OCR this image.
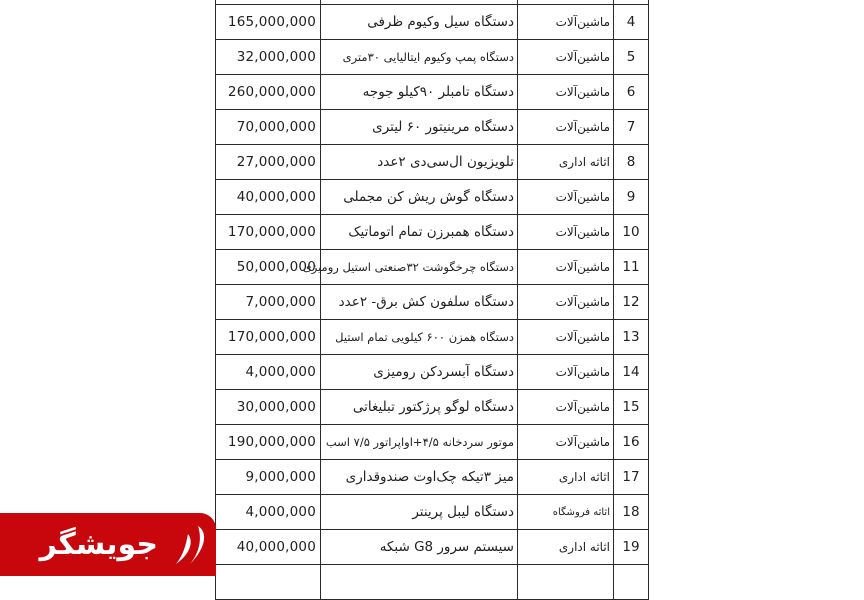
165,000,000	دستگاه سیل وکیوم ظرفی	ماشین‌آلات	4
32,000,000	دستگاه پمپ وکیوم ایتالیایی ۳۰متری	ماشین‌آلات	5
260,000,000	دستگاه تامبلر ۹۰کیلو جوجه	ماشین‌آلات	6
70,000,000	دستگاه مرینیتور ۶۰ لیتری	ماشین‌آلات	7
27,000,000	تلویزیون ال‌سی‌دی ۲عدد	اثاثه اداری	8
40,000,000	دستگاه گوش ریش کن مجملی	ماشین‌آلات	9
170,000,000	دستگاه همبرزن تمام اتوماتیک	ماشین‌آلات	10
50,000,000	دستگاه چرخگوشت ۳۲صنعتی استیل رومیزی	ماشین‌آلات	11
7,000,000	دستگاه سلفون کش برق- ۲عدد	ماشین‌آلات	12
170,000,000	دستگاه همزن ۶۰۰ کیلویی تمام استیل	ماشین‌آلات	13
4,000,000	دستگاه آبسردکن رومیزی	ماشین‌آلات	14
30,000,000	دستگاه لوگو پرژکتور تبلیغاتی	ماشین‌آلات	15
190,000,000	موتور سردخانه ۴/۵+اواپراتور ۷/۵ اسب	ماشین‌آلات	16
9,000,000	میز ۳تیکه چک‌اوت صندوقداری	اثاثه اداری	17
4,000,000	دستگاه لیبل پرینتر	اثاثه فروشگاه	18
40,000,000	سیستم سرور G8 شبکه	اثاثه اداری	19

جویشگر
